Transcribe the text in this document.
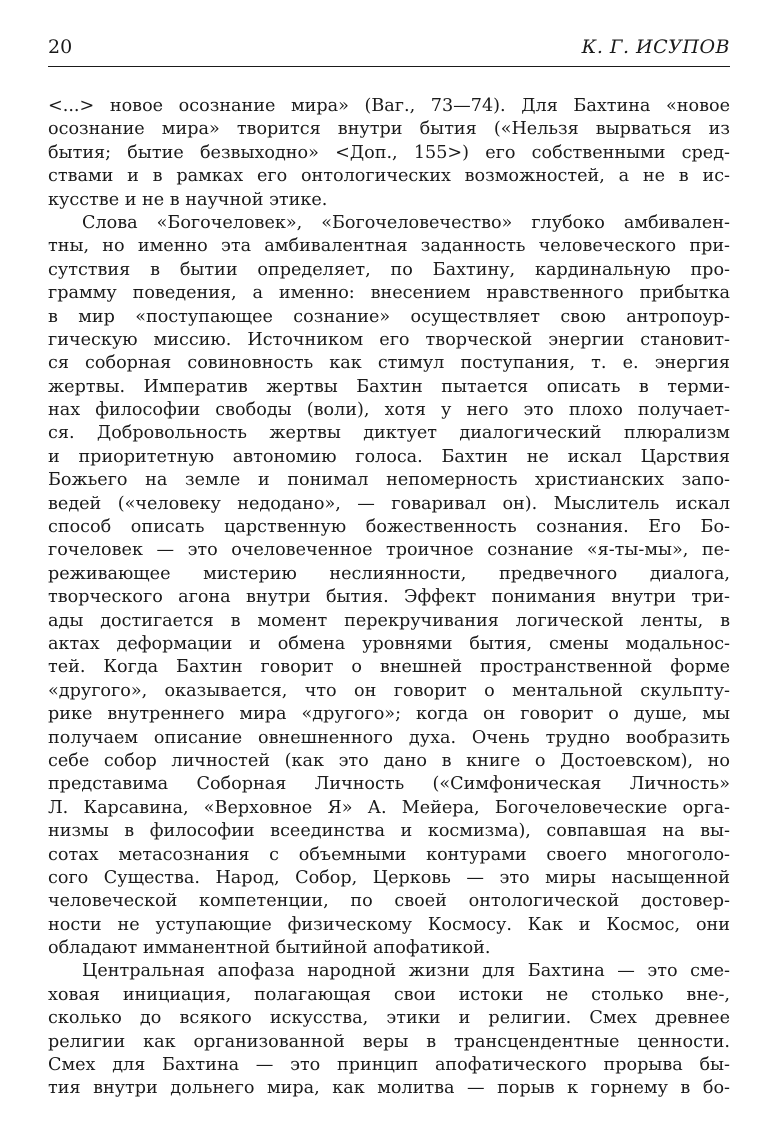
20	К. Г. ИСУПОВ
<...> новое осознание мира» (Ваг., 73—74). Для Бахтина «новое
осознание мира» творится внутри бытия («Нельзя вырваться из
бытия; бытие безвыходно» <Доп., 155>) его собственными сред-
ствами и в рамках его онтологических возможностей, а не в ис-
кусстве и не в научной этике.
Слова «Богочеловек», «Богочеловечество» глубоко амбивален-
тны, но именно эта амбивалентная заданность человеческого при-
сутствия в бытии определяет, по Бахтину, кардинальную про-
грамму поведения, а именно: внесением нравственного прибытка
в мир «поступающее сознание» осуществляет свою антропоур-
гическую миссию. Источником его творческой энергии становит-
ся соборная совиновность как стимул поступания, т. е. энергия
жертвы. Императив жертвы Бахтин пытается описать в терми-
нах философии свободы (воли), хотя у него это плохо получает-
ся. Добровольность жертвы диктует диалогический плюрализм
и приоритетную автономию голоса. Бахтин не искал Царствия
Божьего на земле и понимал непомерность христианских запо-
ведей («человеку недодано», — говаривал он). Мыслитель искал
способ описать царственную божественность сознания. Его Бо-
гочеловек — это очеловеченное троичное сознание «я-ты-мы», пе-
реживающее мистерию неслиянности, предвечного диалога,
творческого агона внутри бытия. Эффект понимания внутри три-
ады достигается в момент перекручивания логической ленты, в
актах деформации и обмена уровнями бытия, смены модальнос-
тей. Когда Бахтин говорит о внешней пространственной форме
«другого», оказывается, что он говорит о ментальной скульпту-
рике внутреннего мира «другого»; когда он говорит о душе, мы
получаем описание овнешненного духа. Очень трудно вообразить
себе собор личностей (как это дано в книге о Достоевском), но
представима Соборная Личность («Симфоническая Личность»
Л. Карсавина, «Верховное Я» А. Мейера, Богочеловеческие орга-
низмы в философии всеединства и космизма), совпавшая на вы-
сотах метасознания с объемными контурами своего многоголо-
сого Существа. Народ, Собор, Церковь — это миры насыщенной
человеческой компетенции, по своей онтологической достовер-
ности не уступающие физическому Космосу. Как и Космос, они
обладают имманентной бытийной апофатикой.
Центральная апофаза народной жизни для Бахтина — это сме-
ховая инициация, полагающая свои истоки не столько вне-,
сколько до всякого искусства, этики и религии. Смех древнее
религии как организованной веры в трансцендентные ценности.
Смех для Бахтина — это принцип апофатического прорыва бы-
тия внутри дольнего мира, как молитва — порыв к горнему в бо-
